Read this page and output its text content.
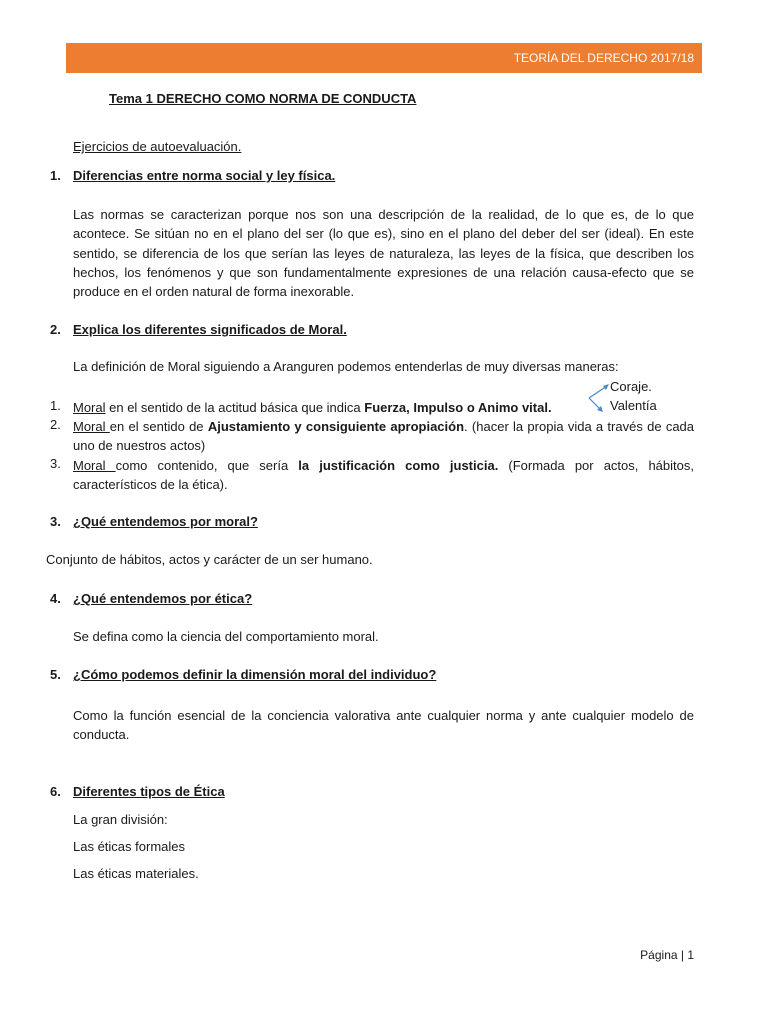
TEORÍA DEL DERECHO 2017/18
Tema 1 DERECHO COMO NORMA DE CONDUCTA
Ejercicios de autoevaluación.
1. Diferencias entre norma social y ley física.

Las normas se caracterizan porque nos son una descripción de la realidad, de lo que es, de lo que acontece. Se sitúan no en el plano del ser (lo que es), sino en el plano del deber del ser (ideal). En este sentido, se diferencia de los que serían las leyes de naturaleza, las leyes de la física, que describen los hechos, los fenómenos y que son fundamentalmente expresiones de una relación causa-efecto que se produce en el orden natural de forma inexorable.

2. Explica los diferentes significados de Moral.
La definición de Moral siguiendo a Aranguren podemos entenderlas de muy diversas maneras:
Coraje.
Valentía
1. Moral en el sentido de la actitud básica que indica Fuerza, Impulso o Animo vital.
2. Moral en el sentido de Ajustamiento y consiguiente apropiación. (hacer la propia vida a través de cada uno de nuestros actos)
3. Moral como contenido, que sería la justificación como justicia. (Formada por actos, hábitos, característicos de la ética).
3. ¿Qué entendemos por moral?
Conjunto de hábitos, actos y carácter de un ser humano.
4. ¿Qué entendemos por ética?
Se defina como la ciencia del comportamiento moral.
5. ¿Cómo podemos definir la dimensión moral del individuo?

Como la función esencial de la conciencia valorativa ante cualquier norma y ante cualquier modelo de conducta.

6. Diferentes tipos de Ética
La gran división:
Las éticas formales
Las éticas materiales.
Página | 1
